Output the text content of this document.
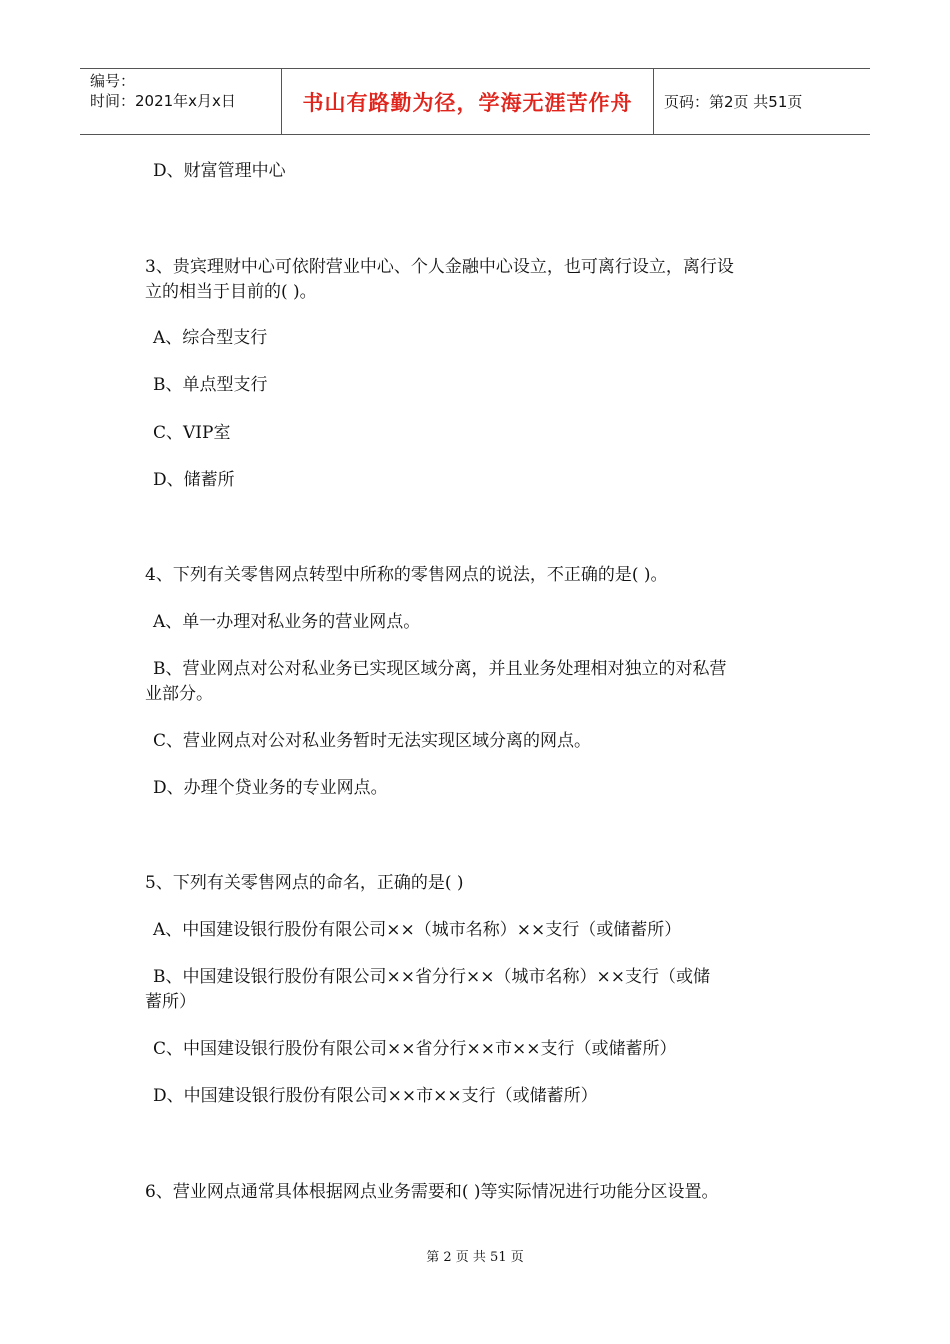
编号：
时间：2021年x月x日	书山有路勤为径，学海无涯苦作舟	页码：第2页 共51页
D、财富管理中心
3、贵宾理财中心可依附营业中心、个人金融中心设立，也可离行设立，离行设
立的相当于目前的( )。
A、综合型支行
B、单点型支行
C、VIP室
D、储蓄所
4、下列有关零售网点转型中所称的零售网点的说法，不正确的是( )。
A、单一办理对私业务的营业网点。
B、营业网点对公对私业务已实现区域分离，并且业务处理相对独立的对私营
业部分。
C、营业网点对公对私业务暂时无法实现区域分离的网点。
D、办理个贷业务的专业网点。
5、下列有关零售网点的命名，正确的是( )
A、中国建设银行股份有限公司××（城市名称）××支行（或储蓄所）
B、中国建设银行股份有限公司××省分行××（城市名称）××支行（或储
蓄所）
C、中国建设银行股份有限公司××省分行××市××支行（或储蓄所）
D、中国建设银行股份有限公司××市××支行（或储蓄所）
6、营业网点通常具体根据网点业务需要和( )等实际情况进行功能分区设置。
第 2 页 共 51 页
